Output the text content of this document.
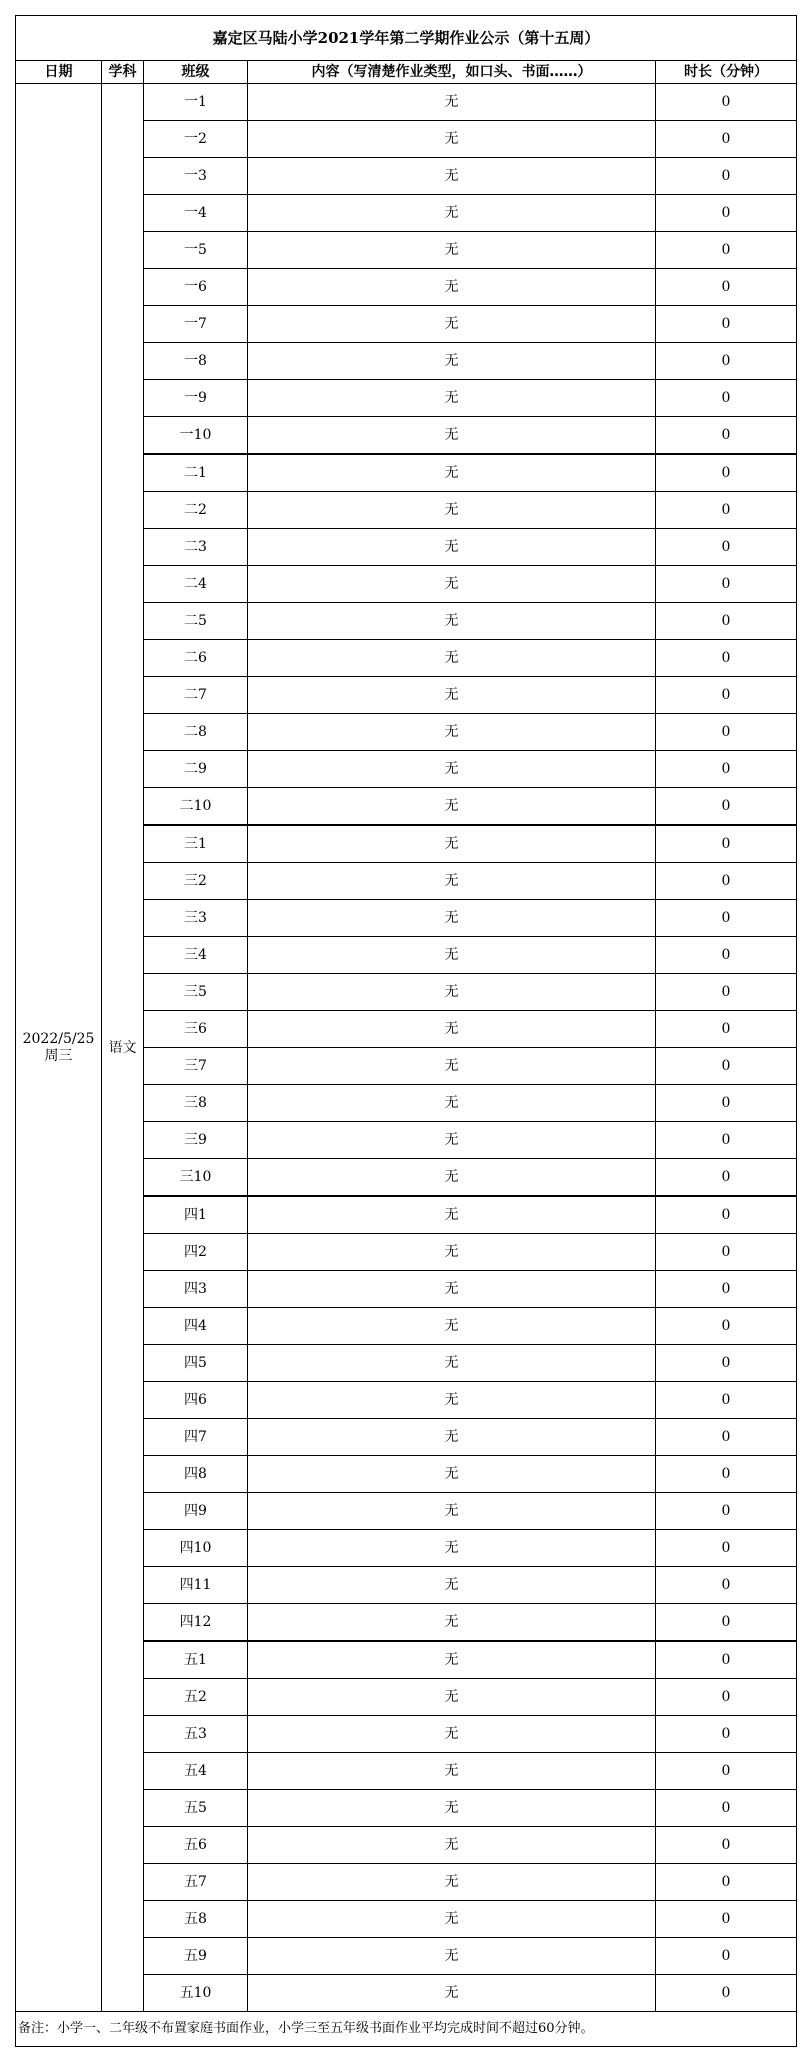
嘉定区马陆小学2021学年第二学期作业公示（第十五周）				
日期	学科	班级	内容（写清楚作业类型，如口头、书面……）	时长（分钟）

2022/5/25
周三	语文	一1	无	0
		一2	无	0
		一3	无	0
		一4	无	0
		一5	无	0
		一6	无	0
		一7	无	0
		一8	无	0
		一9	无	0
		一10	无	0
		二1	无	0
		二2	无	0
		二3	无	0
		二4	无	0
		二5	无	0
		二6	无	0
		二7	无	0
		二8	无	0
		二9	无	0
		二10	无	0
		三1	无	0
		三2	无	0
		三3	无	0
		三4	无	0
		三5	无	0
		三6	无	0
		三7	无	0
		三8	无	0
		三9	无	0
		三10	无	0
		四1	无	0
		四2	无	0
		四3	无	0
		四4	无	0
		四5	无	0
		四6	无	0
		四7	无	0
		四8	无	0
		四9	无	0
		四10	无	0
		四11	无	0
		四12	无	0
		五1	无	0
		五2	无	0
		五3	无	0
		五4	无	0
		五5	无	0
		五6	无	0
		五7	无	0
		五8	无	0
		五9	无	0
		五10	无	0
备注：小学一、二年级不布置家庭书面作业，小学三至五年级书面作业平均完成时间不超过60分钟。				
